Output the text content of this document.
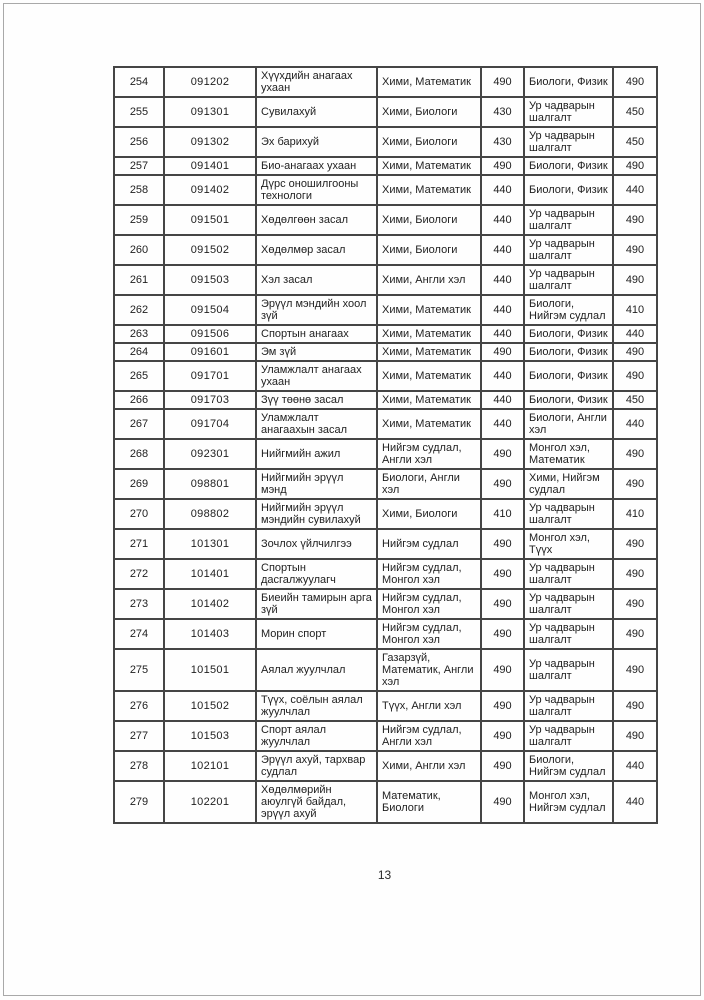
254	091202	Хүүхдийн анагаах ухаан	Хими, Математик	490	Биологи, Физик	490
255	091301	Сувилахуй	Хими, Биологи	430	Ур чадварын шалгалт	450
256	091302	Эх барихуй	Хими, Биологи	430	Ур чадварын шалгалт	450
257	091401	Био-анагаах ухаан	Хими, Математик	490	Биологи, Физик	490
258	091402	Дүрс оношилгооны технологи	Хими, Математик	440	Биологи, Физик	440
259	091501	Хөдөлгөөн засал	Хими, Биологи	440	Ур чадварын шалгалт	490
260	091502	Хөдөлмөр засал	Хими, Биологи	440	Ур чадварын шалгалт	490
261	091503	Хэл засал	Хими, Англи хэл	440	Ур чадварын шалгалт	490
262	091504	Эрүүл мэндийн хоол зүй	Хими, Математик	440	Биологи, Нийгэм судлал	410
263	091506	Спортын анагаах	Хими, Математик	440	Биологи, Физик	440
264	091601	Эм зүй	Хими, Математик	490	Биологи, Физик	490
265	091701	Уламжлалт анагаах ухаан	Хими, Математик	440	Биологи, Физик	490
266	091703	Зүү төөнө засал	Хими, Математик	440	Биологи, Физик	450
267	091704	Уламжлалт анагаахын засал	Хими, Математик	440	Биологи, Англи хэл	440
268	092301	Нийгмийн ажил	Нийгэм судлал, Англи хэл	490	Монгол хэл, Математик	490
269	098801	Нийгмийн эрүүл мэнд	Биологи, Англи хэл	490	Хими, Нийгэм судлал	490
270	098802	Нийгмийн эрүүл мэндийн сувилахуй	Хими, Биологи	410	Ур чадварын шалгалт	410
271	101301	Зочлох үйлчилгээ	Нийгэм судлал	490	Монгол хэл, Түүх	490
272	101401	Спортын дасгалжуулагч	Нийгэм судлал, Монгол хэл	490	Ур чадварын шалгалт	490
273	101402	Биеийн тамирын арга зүй	Нийгэм судлал, Монгол хэл	490	Ур чадварын шалгалт	490
274	101403	Морин спорт	Нийгэм судлал, Монгол хэл	490	Ур чадварын шалгалт	490
275	101501	Аялал жуулчлал	Газарзүй, Математик, Англи хэл	490	Ур чадварын шалгалт	490
276	101502	Түүх, соёлын аялал жуулчлал	Түүх, Англи хэл	490	Ур чадварын шалгалт	490
277	101503	Спорт аялал жуулчлал	Нийгэм судлал, Англи хэл	490	Ур чадварын шалгалт	490
278	102101	Эрүүл ахуй, тархвар судлал	Хими, Англи хэл	490	Биологи, Нийгэм судлал	440
279	102201	Хөдөлмөрийн аюулгүй байдал, эрүүл ахуй	Математик, Биологи	490	Монгол хэл, Нийгэм судлал	440
13
